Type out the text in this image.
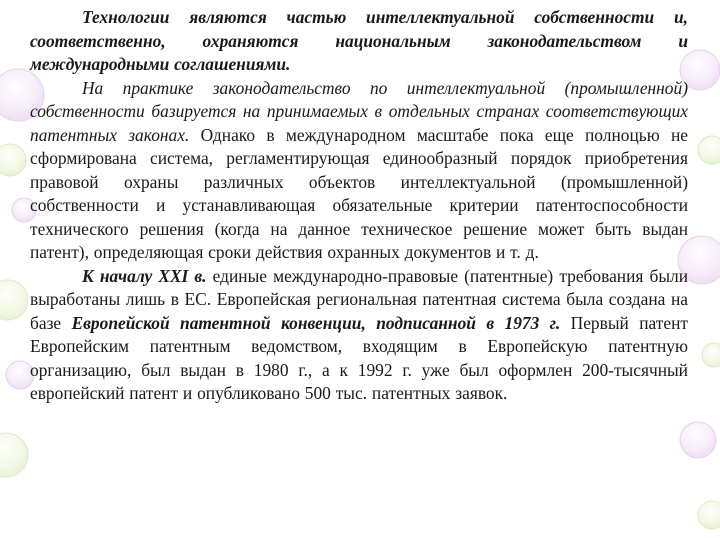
Технологии являются частью интеллектуальной собственности и, соответственно, охраняются национальным законодательством и международными соглашениями.

На практике законодательство по интеллектуальной (промышленной) собственности базируется на принимаемых в отдельных странах соответствующих патентных законах. Однако в международном масштабе пока еще полноцью не сформирована система, регламентирующая единообразный порядок приобретения правовой охраны различных объектов интеллектуальной (промышленной) собственности и устанавливающая обязательные критерии патентоспособности технического решения (когда на данное техническое решение может быть выдан патент), определяющая сроки действия охранных документов и т. д.

К началу XXI в. единые международно-правовые (патентные) требования были выработаны лишь в ЕС. Европейская региональная патентная система была создана на базе Европейской патентной конвенции, подписанной в 1973 г. Первый патент Европейским патентным ведомством, входящим в Европейскую патентную организацию, был выдан в 1980 г., а к 1992 г. уже был оформлен 200-тысячный европейский патент и опубликовано 500 тыс. патентных заявок.
